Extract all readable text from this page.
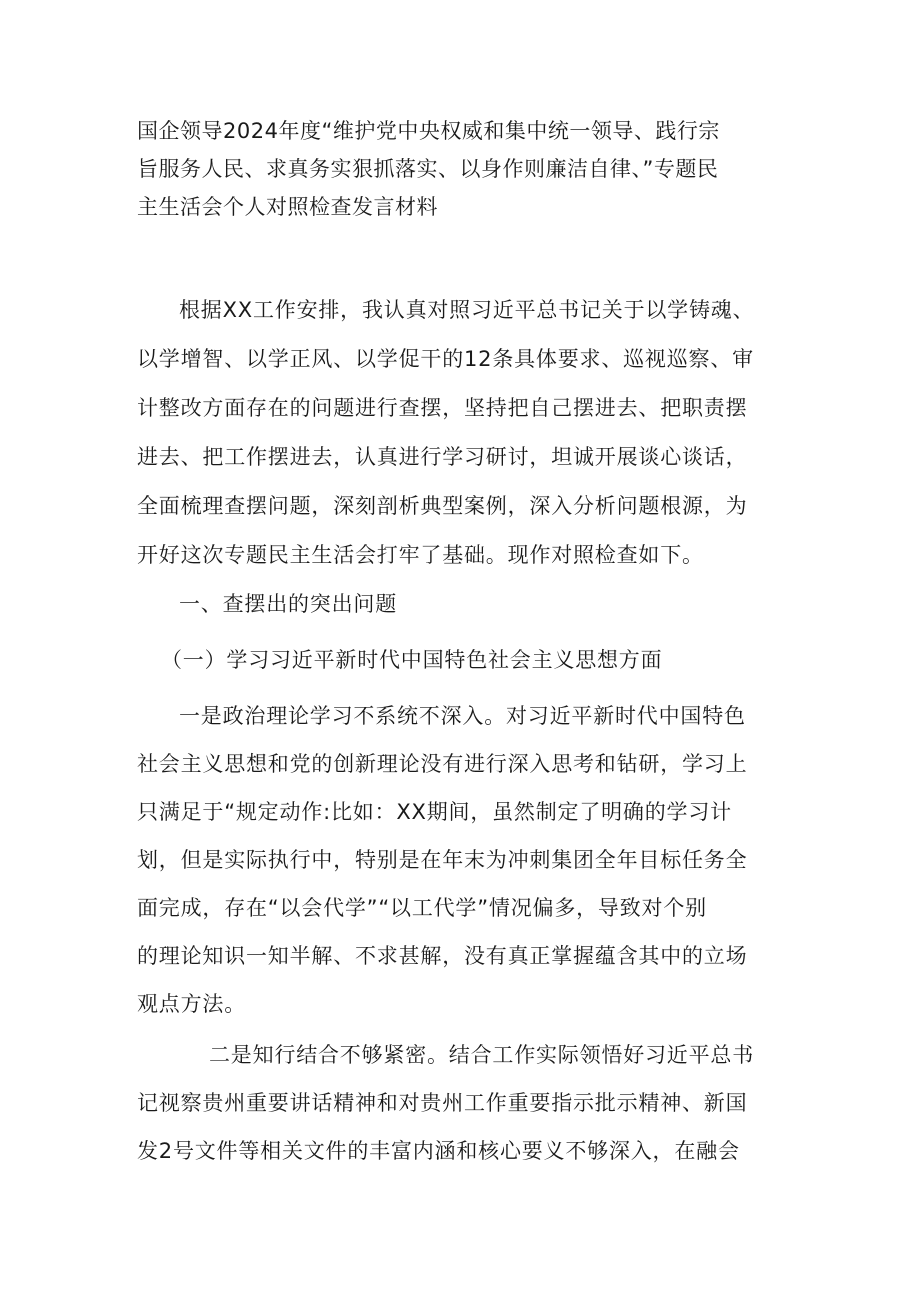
国企领导2024年度“维护党中央权威和集中统一领导、践行宗
旨服务人民、求真务实狠抓落实、以身作则廉洁自律、”专题民
主生活会个人对照检查发言材料
根据XX工作安排，我认真对照习近平总书记关于以学铸魂、
以学增智、以学正风、以学促干的12条具体要求、巡视巡察、审
计整改方面存在的问题进行查摆，坚持把自己摆进去、把职责摆
进去、把工作摆进去，认真进行学习研讨，坦诚开展谈心谈话，
全面梳理查摆问题，深刻剖析典型案例，深入分析问题根源，为
开好这次专题民主生活会打牢了基础。现作对照检查如下。
一、查摆出的突出问题
（一）学习习近平新时代中国特色社会主义思想方面
一是政治理论学习不系统不深入。对习近平新时代中国特色
社会主义思想和党的创新理论没有进行深入思考和钻研，学习上
只满足于“规定动作:比如：XX期间，虽然制定了明确的学习计
划，但是实际执行中，特别是在年末为冲刺集团全年目标任务全
面完成，存在“以会代学”“以工代学”情况偏多，导致对个别
的理论知识一知半解、不求甚解，没有真正掌握蕴含其中的立场
观点方法。
二是知行结合不够紧密。结合工作实际领悟好习近平总书
记视察贵州重要讲话精神和对贵州工作重要指示批示精神、新国
发2号文件等相关文件的丰富内涵和核心要义不够深入，在融会
